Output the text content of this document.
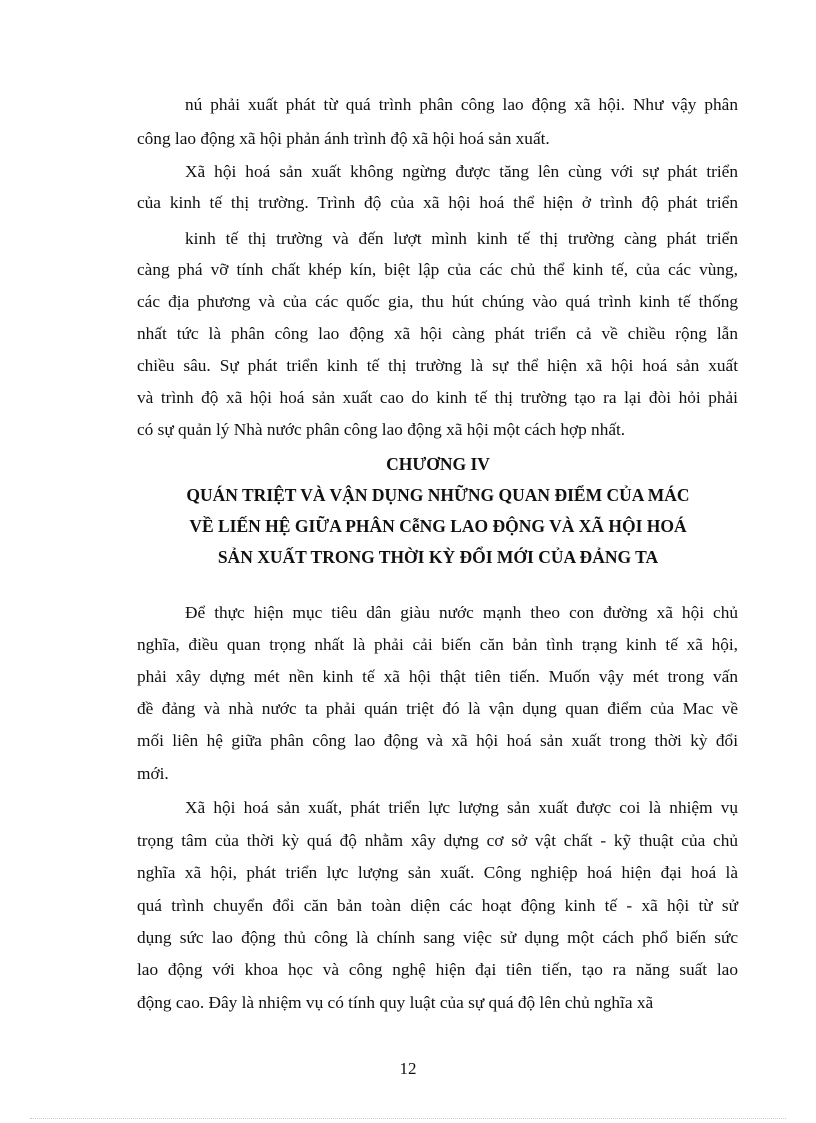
nú phải xuất phát từ quá trình phân công lao động xã hội. Như vậy phân
công lao động xã hội phản ánh trình độ xã hội hoá sản xuất.
Xã hội hoá sản xuất không ngừng được tăng lên cùng với sự phát triển
của kinh tế thị trường. Trình độ của xã hội hoá thể hiện ở trình độ phát triển
kinh tế thị trường và đến lượt mình kinh tế thị trường càng phát triển
càng phá vỡ tính chất khép kín, biệt lập của các chủ thể kinh tế, của các vùng,
các địa phương và của các quốc gia, thu hút chúng vào quá trình kinh tế thống
nhất tức là phân công lao động xã hội càng phát triển cả về chiều rộng lẫn
chiều sâu. Sự phát triển kinh tế thị trường là sự thể hiện xã hội hoá sản xuất
và trình độ xã hội hoá sản xuất cao do kinh tế thị trường tạo ra lại đòi hỏi phải
có sự quản lý Nhà nước phân công lao động xã hội một cách hợp nhất.
CHƯƠNG IV
QUÁN TRIỆT VÀ VẬN DỤNG NHỮNG QUAN ĐIỂM CỦA MÁC
VỀ LIẾN HỆ GIỮA PHÂN CễNG LAO ĐỘNG VÀ XÃ HỘI HOÁ
SẢN XUẤT TRONG THỜI KỲ ĐỔI MỚI CỦA ĐẢNG TA
Để thực hiện mục tiêu dân giàu nước mạnh theo con đường xã hội chủ
nghĩa, điều quan trọng nhất là phải cải biến căn bản tình trạng kinh tế xã hội,
phải xây dựng mét nền kinh tế xã hội thật tiên tiến. Muốn vậy mét trong vấn
đề đảng và nhà nước ta phải quán triệt đó là vận dụng quan điểm của Mac về
mối liên hệ giữa phân công lao động và xã hội hoá sản xuất trong thời kỳ đổi
mới.
Xã hội hoá sản xuất, phát triển lực lượng sản xuất được coi là nhiệm vụ
trọng tâm của thời kỳ quá độ nhằm xây dựng cơ sở vật chất - kỹ thuật của chủ
nghĩa xã hội, phát triển lực lượng sản xuất. Công nghiệp hoá hiện đại hoá là
quá trình chuyển đổi căn bản toàn diện các hoạt động kinh tế - xã hội từ sử
dụng sức lao động thủ công là chính sang việc sử dụng một cách phổ biến sức
lao động với khoa học và công nghệ hiện đại tiên tiến, tạo ra năng suất lao
động cao. Đây là nhiệm vụ có tính quy luật của sự quá độ lên chủ nghĩa xã
12
